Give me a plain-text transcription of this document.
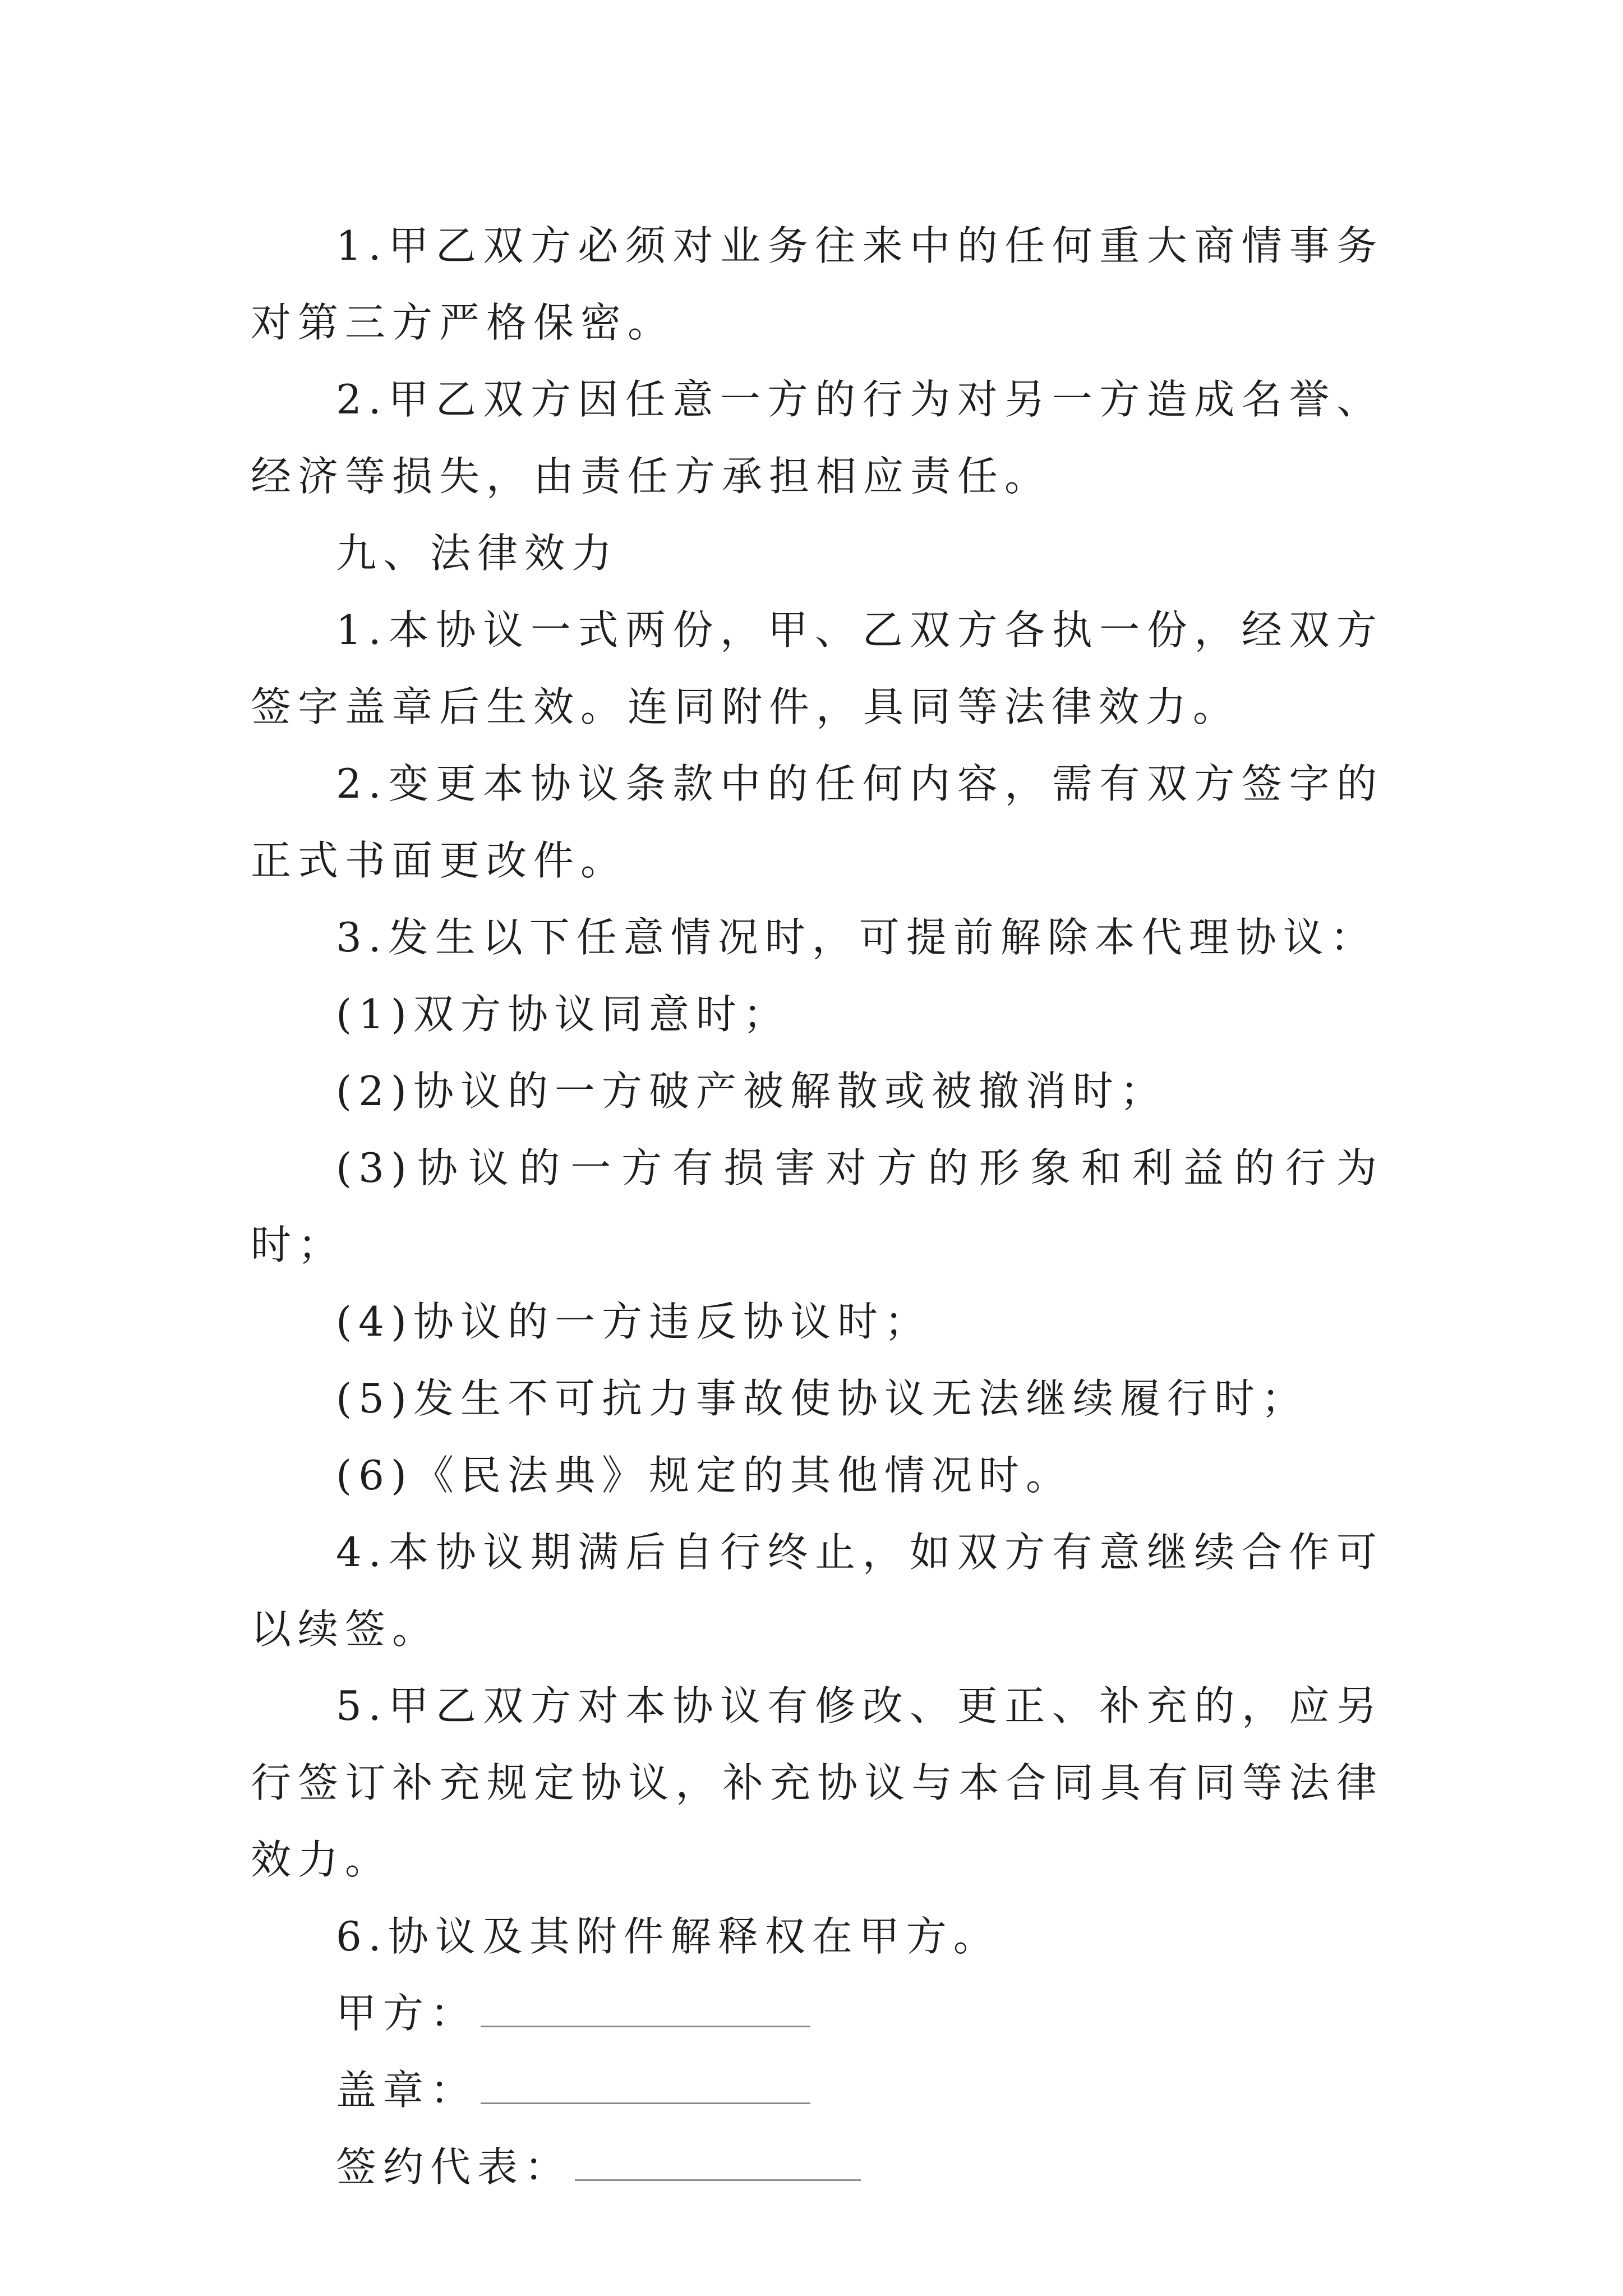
1.甲乙双方必须对业务往来中的任何重大商情事务对第三方严格保密。

2.甲乙双方因任意一方的行为对另一方造成名誉、经济等损失，由责任方承担相应责任。

九、法律效力

1.本协议一式两份，甲、乙双方各执一份，经双方签字盖章后生效。连同附件，具同等法律效力。

2.变更本协议条款中的任何内容，需有双方签字的正式书面更改件。

3.发生以下任意情况时，可提前解除本代理协议：

(1)双方协议同意时；

(2)协议的一方破产被解散或被撤消时；

(3)协议的一方有损害对方的形象和利益的行为时；

(4)协议的一方违反协议时；

(5)发生不可抗力事故使协议无法继续履行时；

(6)《民法典》规定的其他情况时。

4.本协议期满后自行终止，如双方有意继续合作可以续签。

5.甲乙双方对本协议有修改、更正、补充的，应另行签订补充规定协议，补充协议与本合同具有同等法律效力。

6.协议及其附件解释权在甲方。

甲方：
盖章：
签约代表：
